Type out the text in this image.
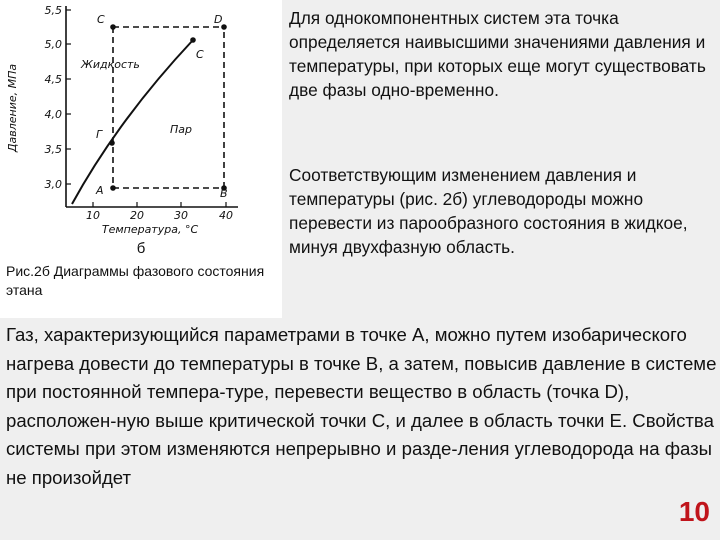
5,5
5,0
4,5
4,0
3,5
3,0
10	20	30	40
Давление, МПа
Температура, °С
С	D
С
Г
А	В
Жидкость
Пар
б
Рис.2б Диаграммы фазового состояния этана
Для однокомпонентных систем эта точка определяется наивысшими значениями давления и температуры, при которых еще могут существовать две фазы одно-временно.
Соответствующим изменением давления и температуры (рис. 2б) углеводороды можно перевести из парообразного состояния в жидкое, минуя двухфазную область.
Газ, характеризующийся параметрами в точке А, можно путем изобарического нагрева довести до температуры в точке В, а затем, повысив давление в системе при постоянной темпера-туре, перевести вещество в область (точка D), расположен-ную выше критической точки С, и далее в область точки Е. Свойства системы при этом изменяются непрерывно и разде-ления углеводорода на фазы не произойдет
10
